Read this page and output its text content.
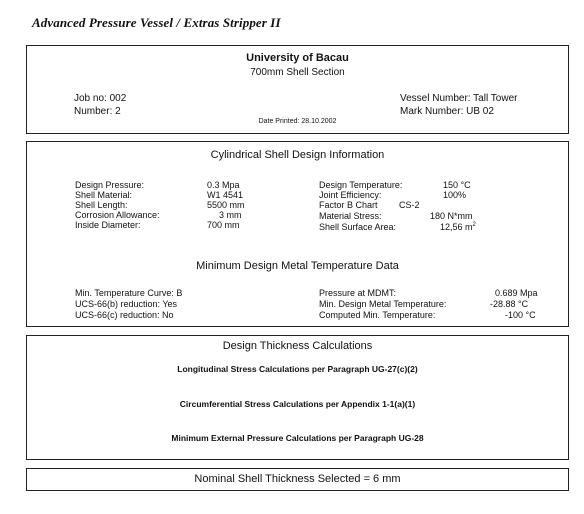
Advanced Pressure Vessel / Extras Stripper II
University of Bacau
700mm Shell Section
Job no: 002
Number: 2
Vessel Number: Tall Tower
Mark Number: UB 02
Date Printed: 28.10.2002
Cylindrical Shell Design Information
Design Pressure:
Shell Material:
Shell Length:
Corrosion Allowance:
Inside Diameter:
0.3 Mpa
W1 4541
5500 mm
3 mm
700 mm
Design Temperature:
Joint Efficiency:
Factor B Chart
Material Stress:
Shell Surface Area:
150 °C
100%
CS-2
180 N*mm
12,56 $m^2$
Minimum Design Metal Temperature Data
Min. Temperature Curve: B
UCS-66(b) reduction: Yes
UCS-66(c) reduction: No
Pressure at MDMT:
Min. Design Metal Temperature:
Computed Min. Temperature:
0.689 Mpa
-28.88 °C
-100 °C
Design Thickness Calculations
Longitudinal Stress Calculations per Paragraph UG-27(c)(2)
Circumferential Stress Calculations per Appendix 1-1(a)(1)
Minimum External Pressure Calculations per Paragraph UG-28
Nominal Shell Thickness Selected = 6 mm
